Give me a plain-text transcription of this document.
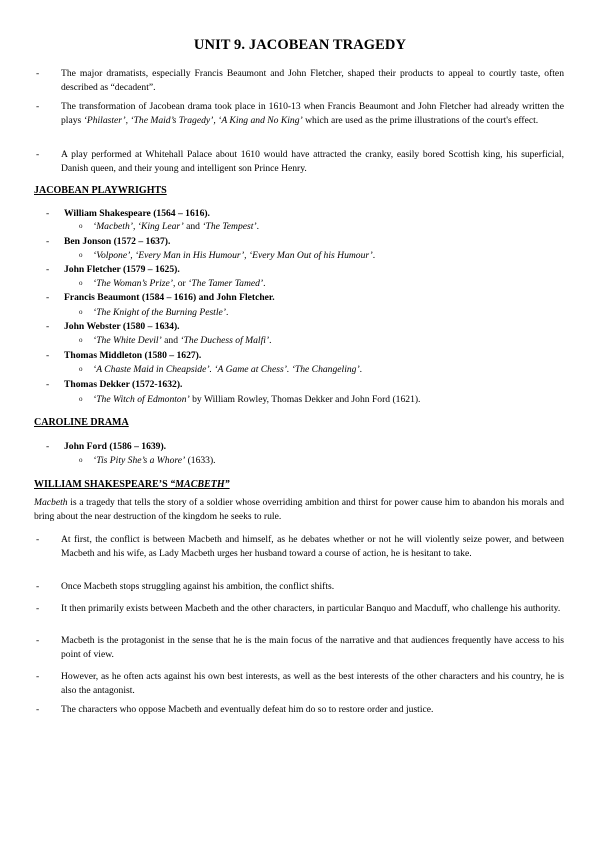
UNIT 9. JACOBEAN TRAGEDY
- The major dramatists, especially Francis Beaumont and John Fletcher, shaped their products to appeal to courtly taste, often described as “decadent”.
- The transformation of Jacobean drama took place in 1610-13 when Francis Beaumont and John Fletcher had already written the plays ‘Philaster’, ‘The Maid’s Tragedy’, ‘A King and No King’ which are used as the prime illustrations of the court's effect.
- A play performed at Whitehall Palace about 1610 would have attracted the cranky, easily bored Scottish king, his superficial, Danish queen, and their young and intelligent son Prince Henry.
JACOBEAN PLAYWRIGHTS
- William Shakespeare (1564 – 1616).
o ‘Macbeth’, ‘King Lear’ and ‘The Tempest’.
- Ben Jonson (1572 – 1637).
o ‘Volpone’, ‘Every Man in His Humour’, ‘Every Man Out of his Humour’.
- John Fletcher (1579 – 1625).
o ‘The Woman’s Prize’, or ‘The Tamer Tamed’.
- Francis Beaumont (1584 – 1616) and John Fletcher.
o ‘The Knight of the Burning Pestle’.
- John Webster (1580 – 1634).
o ‘The White Devil’ and ‘The Duchess of Malfi’.
- Thomas Middleton (1580 – 1627).
o ‘A Chaste Maid in Cheapside’. ‘A Game at Chess’. ‘The Changeling’.
- Thomas Dekker (1572-1632).
o ‘The Witch of Edmonton’ by William Rowley, Thomas Dekker and John Ford (1621).
CAROLINE DRAMA
- John Ford (1586 – 1639).
o ‘Tis Pity She’s a Whore’ (1633).
WILLIAM SHAKESPEARE’S “MACBETH”
Macbeth is a tragedy that tells the story of a soldier whose overriding ambition and thirst for power cause him to abandon his morals and bring about the near destruction of the kingdom he seeks to rule.
- At first, the conflict is between Macbeth and himself, as he debates whether or not he will violently seize power, and between Macbeth and his wife, as Lady Macbeth urges her husband toward a course of action, he is hesitant to take.
- Once Macbeth stops struggling against his ambition, the conflict shifts.
- It then primarily exists between Macbeth and the other characters, in particular Banquo and Macduff, who challenge his authority.
- Macbeth is the protagonist in the sense that he is the main focus of the narrative and that audiences frequently have access to his point of view.
- However, as he often acts against his own best interests, as well as the best interests of the other characters and his country, he is also the antagonist.
- The characters who oppose Macbeth and eventually defeat him do so to restore order and justice.
